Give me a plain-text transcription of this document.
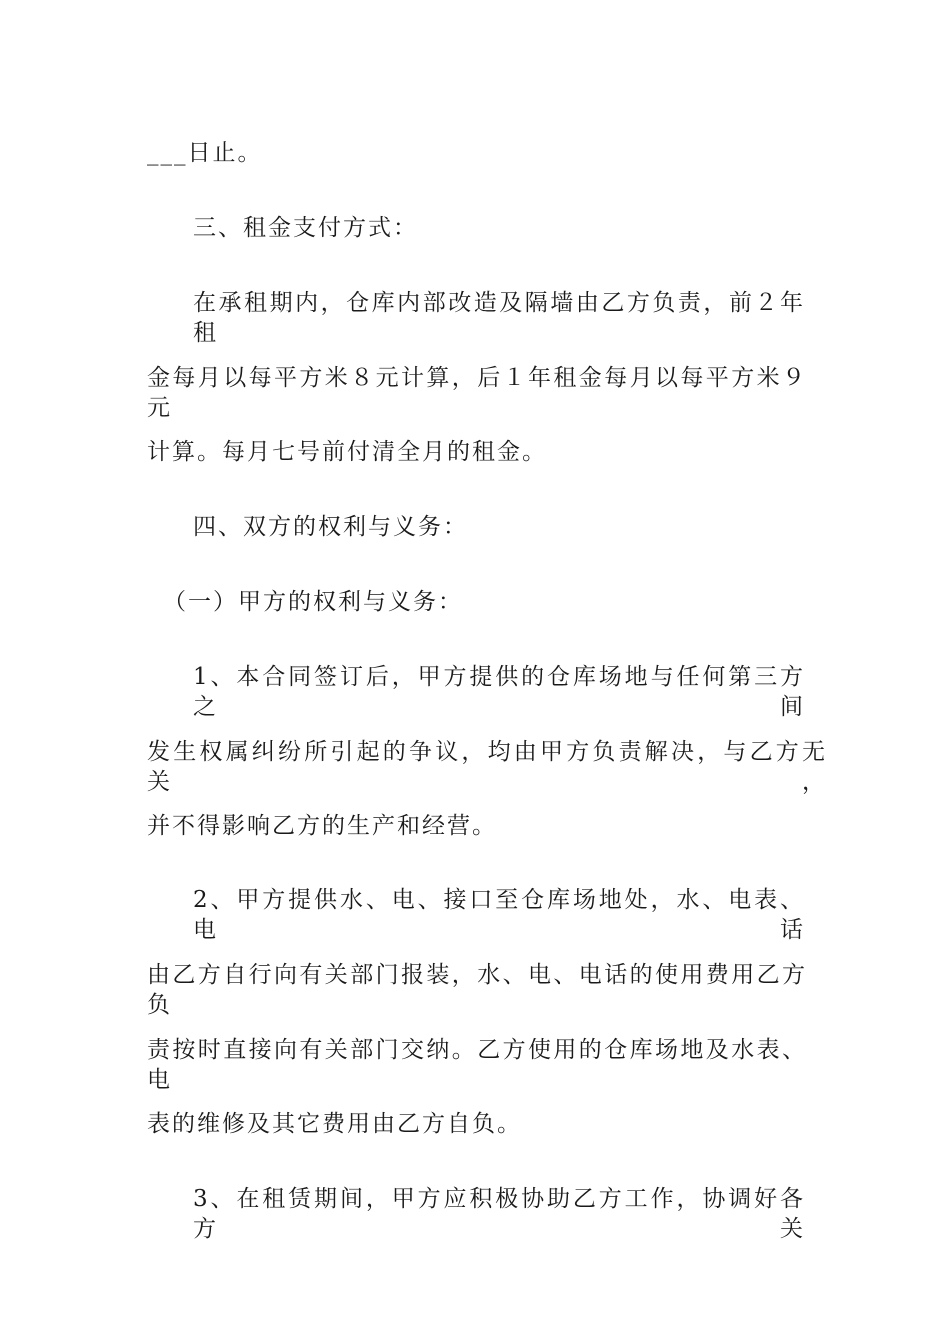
___日止。
三、租金支付方式：
在承租期内，仓库内部改造及隔墙由乙方负责，前２年租
金每月以每平方米８元计算，后１年租金每月以每平方米９元
计算。每月七号前付清全月的租金。
四、双方的权利与义务：
（一）甲方的权利与义务：
1、本合同签订后，甲方提供的仓库场地与任何第三方之间
发生权属纠纷所引起的争议，均由甲方负责解决，与乙方无关，
并不得影响乙方的生产和经营。
2、甲方提供水、电、接口至仓库场地处，水、电表、电话
由乙方自行向有关部门报装，水、电、电话的使用费用乙方负
责按时直接向有关部门交纳。乙方使用的仓库场地及水表、电
表的维修及其它费用由乙方自负。
3、在租赁期间，甲方应积极协助乙方工作，协调好各方关
